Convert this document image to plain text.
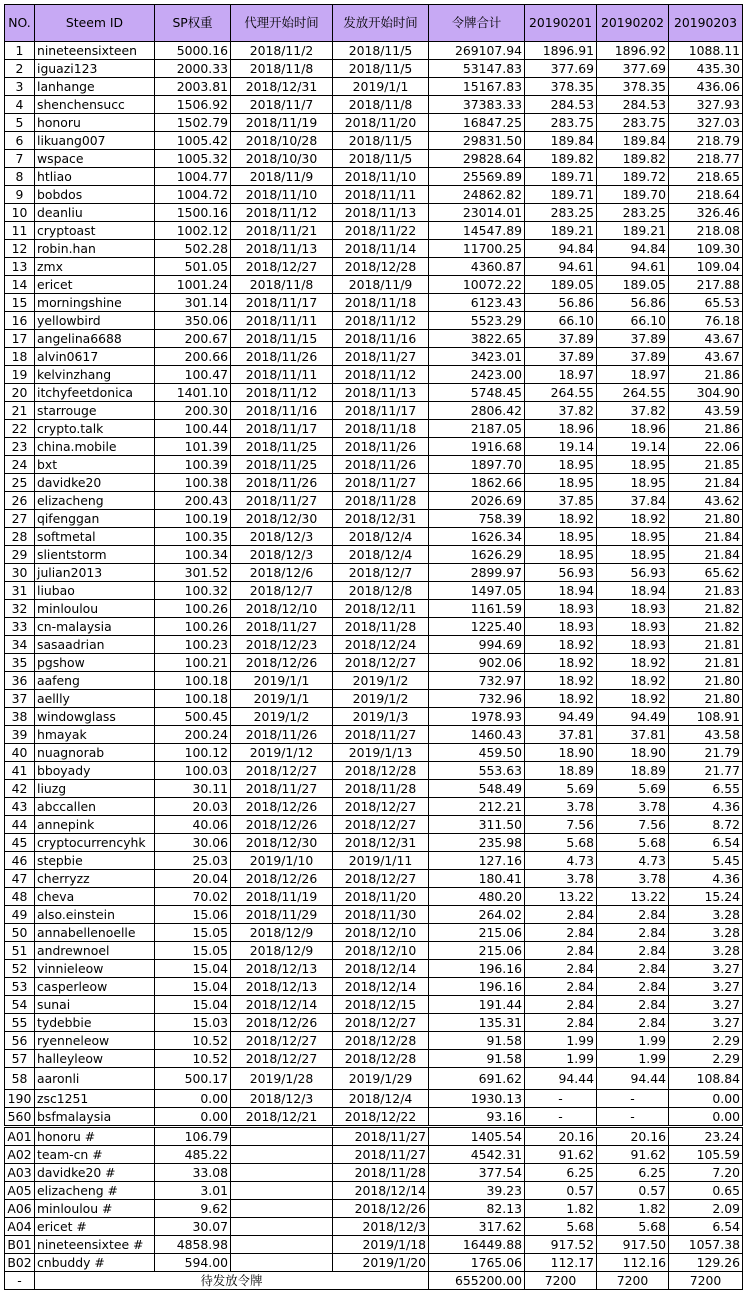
NO.	Steem ID	SP权重	代理开始时间	发放开始时间	令牌合计	20190201	20190202	20190203
1	nineteensixteen	5000.16	2018/11/2	2018/11/5	269107.94	1896.91	1896.92	1088.11
2	iguazi123	2000.33	2018/11/8	2018/11/5	53147.83	377.69	377.69	435.30
3	lanhange	2003.81	2018/12/31	2019/1/1	15167.83	378.35	378.35	436.06
4	shenchensucc	1506.92	2018/11/7	2018/11/8	37383.33	284.53	284.53	327.93
5	honoru	1502.79	2018/11/19	2018/11/20	16847.25	283.75	283.75	327.03
6	likuang007	1005.42	2018/10/28	2018/11/5	29831.50	189.84	189.84	218.79
7	wspace	1005.32	2018/10/30	2018/11/5	29828.64	189.82	189.82	218.77
8	htliao	1004.77	2018/11/9	2018/11/10	25569.89	189.71	189.72	218.65
9	bobdos	1004.72	2018/11/10	2018/11/11	24862.82	189.71	189.70	218.64
10	deanliu	1500.16	2018/11/12	2018/11/13	23014.01	283.25	283.25	326.46
11	cryptoast	1002.12	2018/11/21	2018/11/22	14547.89	189.21	189.21	218.08
12	robin.han	502.28	2018/11/13	2018/11/14	11700.25	94.84	94.84	109.30
13	zmx	501.05	2018/12/27	2018/12/28	4360.87	94.61	94.61	109.04
14	ericet	1001.24	2018/11/8	2018/11/9	10072.22	189.05	189.05	217.88
15	morningshine	301.14	2018/11/17	2018/11/18	6123.43	56.86	56.86	65.53
16	yellowbird	350.06	2018/11/11	2018/11/12	5523.29	66.10	66.10	76.18
17	angelina6688	200.67	2018/11/15	2018/11/16	3822.65	37.89	37.89	43.67
18	alvin0617	200.66	2018/11/26	2018/11/27	3423.01	37.89	37.89	43.67
19	kelvinzhang	100.47	2018/11/11	2018/11/12	2423.00	18.97	18.97	21.86
20	itchyfeetdonica	1401.10	2018/11/12	2018/11/13	5748.45	264.55	264.55	304.90
21	starrouge	200.30	2018/11/16	2018/11/17	2806.42	37.82	37.82	43.59
22	crypto.talk	100.44	2018/11/17	2018/11/18	2187.05	18.96	18.96	21.86
23	china.mobile	101.39	2018/11/25	2018/11/26	1916.68	19.14	19.14	22.06
24	bxt	100.39	2018/11/25	2018/11/26	1897.70	18.95	18.95	21.85
25	davidke20	100.38	2018/11/26	2018/11/27	1862.66	18.95	18.95	21.84
26	elizacheng	200.43	2018/11/27	2018/11/28	2026.69	37.85	37.84	43.62
27	qifenggan	100.19	2018/12/30	2018/12/31	758.39	18.92	18.92	21.80
28	softmetal	100.35	2018/12/3	2018/12/4	1626.34	18.95	18.95	21.84
29	slientstorm	100.34	2018/12/3	2018/12/4	1626.29	18.95	18.95	21.84
30	julian2013	301.52	2018/12/6	2018/12/7	2899.97	56.93	56.93	65.62
31	liubao	100.32	2018/12/7	2018/12/8	1497.05	18.94	18.94	21.83
32	minloulou	100.26	2018/12/10	2018/12/11	1161.59	18.93	18.93	21.82
33	cn-malaysia	100.26	2018/11/27	2018/11/28	1225.40	18.93	18.93	21.82
34	sasaadrian	100.23	2018/12/23	2018/12/24	994.69	18.92	18.93	21.81
35	pgshow	100.21	2018/12/26	2018/12/27	902.06	18.92	18.92	21.81
36	aafeng	100.18	2019/1/1	2019/1/2	732.97	18.92	18.92	21.80
37	aellly	100.18	2019/1/1	2019/1/2	732.96	18.92	18.92	21.80
38	windowglass	500.45	2019/1/2	2019/1/3	1978.93	94.49	94.49	108.91
39	hmayak	200.24	2018/11/26	2018/11/27	1460.43	37.81	37.81	43.58
40	nuagnorab	100.12	2019/1/12	2019/1/13	459.50	18.90	18.90	21.79
41	bboyady	100.03	2018/12/27	2018/12/28	553.63	18.89	18.89	21.77
42	liuzg	30.11	2018/11/27	2018/11/28	548.49	5.69	5.69	6.55
43	abccallen	20.03	2018/12/26	2018/12/27	212.21	3.78	3.78	4.36
44	annepink	40.06	2018/12/26	2018/12/27	311.50	7.56	7.56	8.72
45	cryptocurrencyhk	30.06	2018/12/30	2018/12/31	235.98	5.68	5.68	6.54
46	stepbie	25.03	2019/1/10	2019/1/11	127.16	4.73	4.73	5.45
47	cherryzz	20.04	2018/12/26	2018/12/27	180.41	3.78	3.78	4.36
48	cheva	70.02	2018/11/19	2018/11/20	480.20	13.22	13.22	15.24
49	also.einstein	15.06	2018/11/29	2018/11/30	264.02	2.84	2.84	3.28
50	annabellenoelle	15.05	2018/12/9	2018/12/10	215.06	2.84	2.84	3.28
51	andrewnoel	15.05	2018/12/9	2018/12/10	215.06	2.84	2.84	3.28
52	vinnieleow	15.04	2018/12/13	2018/12/14	196.16	2.84	2.84	3.27
53	casperleow	15.04	2018/12/13	2018/12/14	196.16	2.84	2.84	3.27
54	sunai	15.04	2018/12/14	2018/12/15	191.44	2.84	2.84	3.27
55	tydebbie	15.03	2018/12/26	2018/12/27	135.31	2.84	2.84	3.27
56	ryenneleow	10.52	2018/12/27	2018/12/28	91.58	1.99	1.99	2.29
57	halleyleow	10.52	2018/12/27	2018/12/28	91.58	1.99	1.99	2.29
58	aaronli	500.17	2019/1/28	2019/1/29	691.62	94.44	94.44	108.84
190	zsc1251	0.00	2018/12/3	2018/12/4	1930.13	-	-	0.00
560	bsfmalaysia	0.00	2018/12/21	2018/12/22	93.16	-	-	0.00
A01	honoru #	106.79		2018/11/27	1405.54	20.16	20.16	23.24
A02	team-cn #	485.22		2018/11/27	4542.31	91.62	91.62	105.59
A03	davidke20 #	33.08		2018/11/28	377.54	6.25	6.25	7.20
A05	elizacheng #	3.01		2018/12/14	39.23	0.57	0.57	0.65
A06	minloulou #	9.62		2018/12/26	82.13	1.82	1.82	2.09
A04	ericet #	30.07		2018/12/3	317.62	5.68	5.68	6.54
B01	nineteensixtee #	4858.98		2019/1/18	16449.88	917.52	917.50	1057.38
B02	cnbuddy #	594.00		2019/1/20	1765.06	112.17	112.16	129.26
-	待发放令牌				655200.00	7200	7200	7200
